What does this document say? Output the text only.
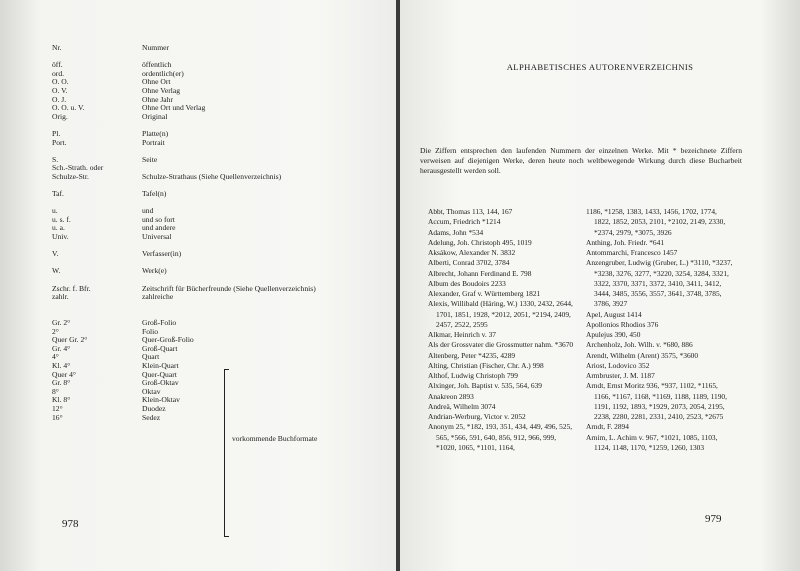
Nr.	Nummer
öff.	öffentlich
ord.	ordentlich(er)
O. O.	Ohne Ort
O. V.	Ohne Verlag
O. J.	Ohne Jahr
O. O. u. V.	Ohne Ort und Verlag
Orig.	Original
Pl.	Platte(n)
Port.	Portrait
S.	Seite
Sch.-Strath. oder
Schulze-Str.	Schulze-Strathaus (Siehe Quellenverzeichnis)
Taf.	Tafel(n)
u.	und
u. s. f.	und so fort
u. a.	und andere
Univ.	Universal
V.	Verfasser(in)
W.	Werk(e)
Zschr. f. Bfr.	Zeitschrift für Bücherfreunde (Siehe Quellenverzeichnis)
zahlr.	zahlreiche
Gr. 2°	Groß-Folio
2°	Folio
Quer Gr. 2°	Quer-Groß-Folio
Gr. 4°	Groß-Quart
4°	Quart
Kl. 4°	Klein-Quart
Quer 4°	Quer-Quart
Gr. 8°	Groß-Oktav
8°	Oktav
Kl. 8°	Klein-Oktav
12°	Duodez
16°	Sedez
vorkommende Buchformate
978
ALPHABETISCHES AUTORENVERZEICHNIS
Die Ziffern entsprechen den laufenden Nummern der einzelnen Werke. Mit * bezeichnete Ziffern verweisen auf diejenigen Werke, deren heute noch weltbewegende Wirkung durch diese Bucharbeit herausgestellt werden soll.
Abbt, Thomas 113, 144, 167
Accum, Friedrich *1214
Adams, John *534
Adelung, Joh. Christoph 495, 1019
Aksákow, Alexander N. 3832
Alberti, Conrad 3702, 3784
Albrecht, Johann Ferdinand E. 798
Album des Boudoirs 2233
Alexander, Graf v. Württemberg 1821
Alexis, Willibald (Häring, W.) 1330, 2432, 2644, 1701, 1851, 1928, *2012, 2051, *2194, 2409, 2457, 2522, 2595
Alkmar, Heinrich v. 37
Als der Grossvater die Grossmutter nahm. *3670
Altenberg, Peter *4235, 4289
Alting, Christian (Fischer, Chr. A.) 998
Althof, Ludwig Christoph 799
Alxinger, Joh. Baptist v. 535, 564, 639
Anakreon 2893
Andreä, Wilhelm 3074
Andrian-Werburg, Victor v. 2052
Anonym 25, *182, 193, 351, 434, 449, 496, 525, 565, *566, 591, 640, 856, 912, 966, 999, *1020, 1065, *1101, 1164,
1186, *1258, 1383, 1433, 1456, 1702, 1774, 1822, 1852, 2053, 2101, *2102, 2149, 2330, *2374, 2979, *3075, 3926
Anthing, Joh. Friedr. *641
Antommarchi, Francesco 1457
Anzengruber, Ludwig (Gruber, L.) *3110, *3237, *3238, 3276, 3277, *3220, 3254, 3284, 3321, 3322, 3370, 3371, 3372, 3410, 3411, 3412, 3444, 3485, 3556, 3557, 3641, 3748, 3785, 3786, 3927
Apel, August 1414
Apollonios Rhodios 376
Apulejus 390, 450
Archenholz, Joh. Wilh. v. *680, 886
Arendt, Wilhelm (Arent) 3575, *3600
Ariost, Lodovico 352
Armbruster, J. M. 1187
Arndt, Ernst Moritz 936, *937, 1102, *1165, 1166, *1167, 1168, *1169, 1188, 1189, 1190, 1191, 1192, 1893, *1929, 2073, 2054, 2195, 2238, 2280, 2281, 2331, 2410, 2523, *2675
Arndt, F. 2894
Arnim, L. Achim v. 967, *1021, 1085, 1103, 1124, 1148, 1170, *1259, 1260, 1303
979
